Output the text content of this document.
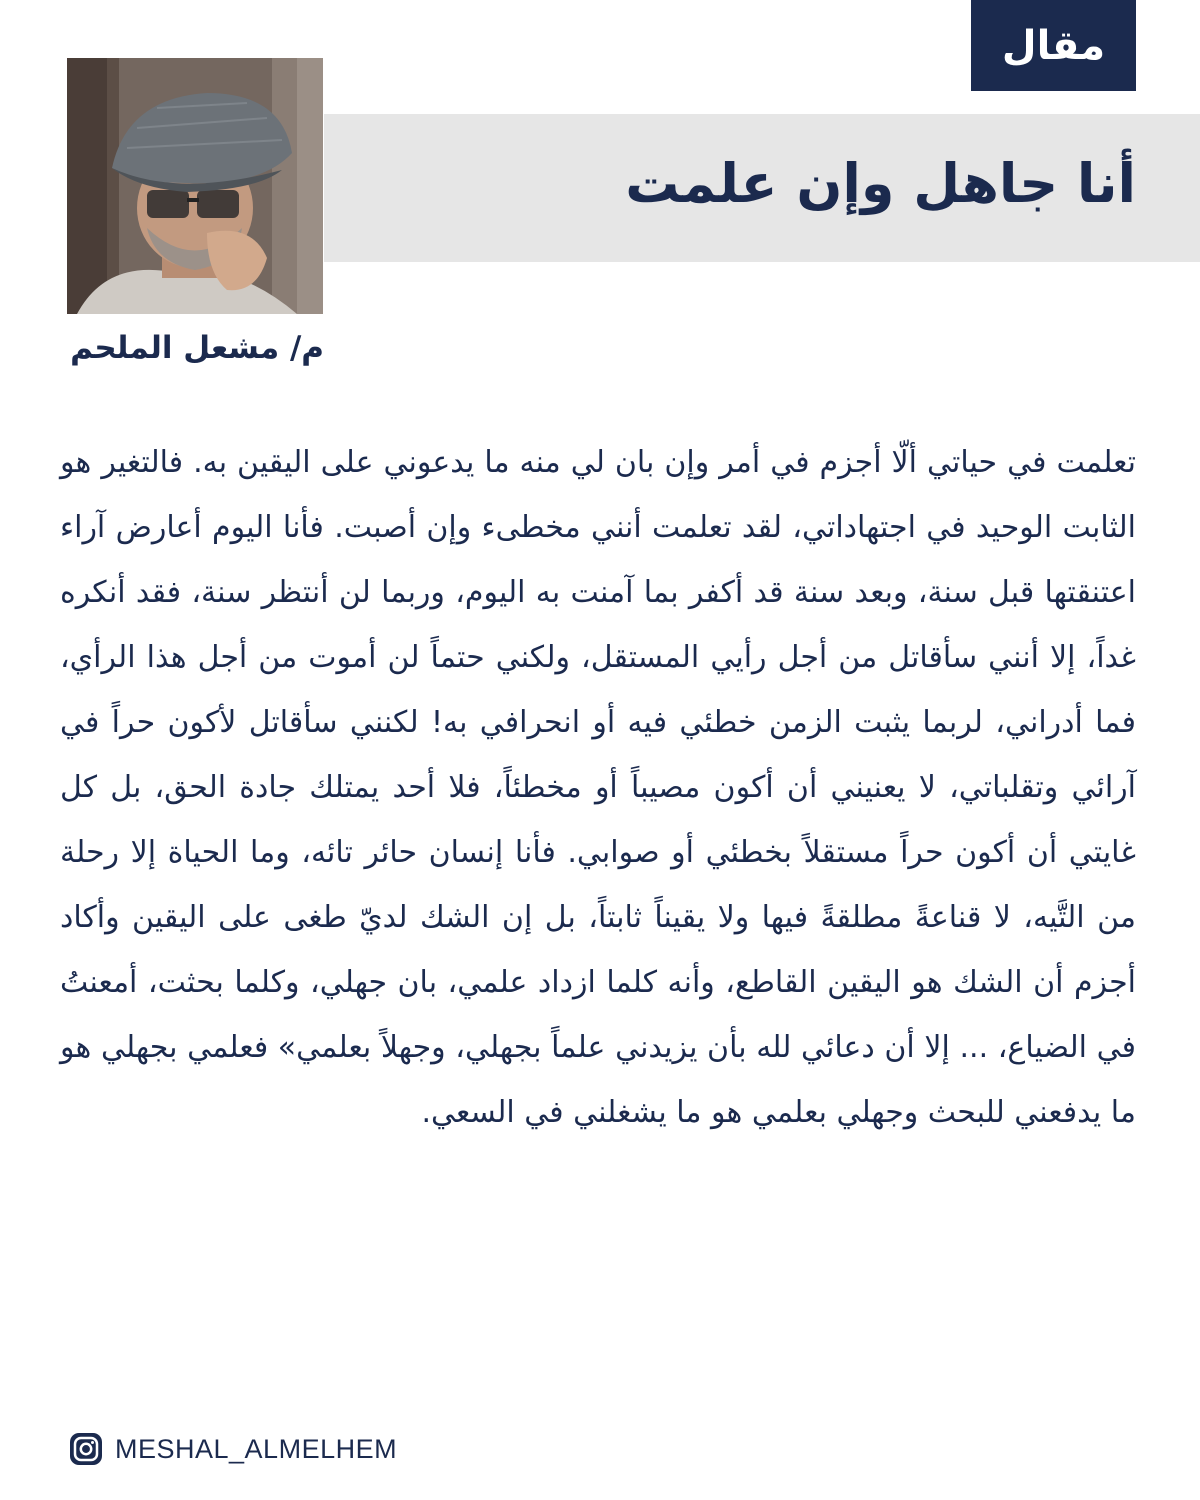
مقال
أنا جاهل وإن علمت
م/ مشعل الملحم

تعلمت في حياتي ألّا أجزم في أمر وإن بان لي منه ما يدعوني على اليقين به. فالتغير هو الثابت الوحيد في اجتهاداتي، لقد تعلمت أنني مخطىء وإن أصبت. فأنا اليوم أعارض آراء اعتنقتها قبل سنة، وبعد سنة قد أكفر بما آمنت به اليوم، وربما لن أنتظر سنة، فقد أنكره غداً، إلا أنني سأقاتل من أجل رأيي المستقل، ولكني حتماً لن أموت من أجل هذا الرأي، فما أدراني، لربما يثبت الزمن خطئي فيه أو انحرافي به! لكنني سأقاتل لأكون حراً في آرائي وتقلباتي، لا يعنيني أن أكون مصيباً أو مخطئاً، فلا أحد يمتلك جادة الحق، بل كل غايتي أن أكون حراً مستقلاً بخطئي أو صوابي. فأنا إنسان حائر تائه، وما الحياة إلا رحلة من التَّيه، لا قناعةً مطلقةً فيها ولا يقيناً ثابتاً، بل إن الشك لديّ طغى على اليقين وأكاد أجزم أن الشك هو اليقين القاطع، وأنه كلما ازداد علمي، بان جهلي، وكلما بحثت، أمعنتُ في الضياع، ... إلا أن دعائي لله بأن يزيدني علماً بجهلي، وجهلاً بعلمي» فعلمي بجهلي هو ما يدفعني للبحث وجهلي بعلمي هو ما يشغلني في السعي.

MESHAL_ALMELHEM
